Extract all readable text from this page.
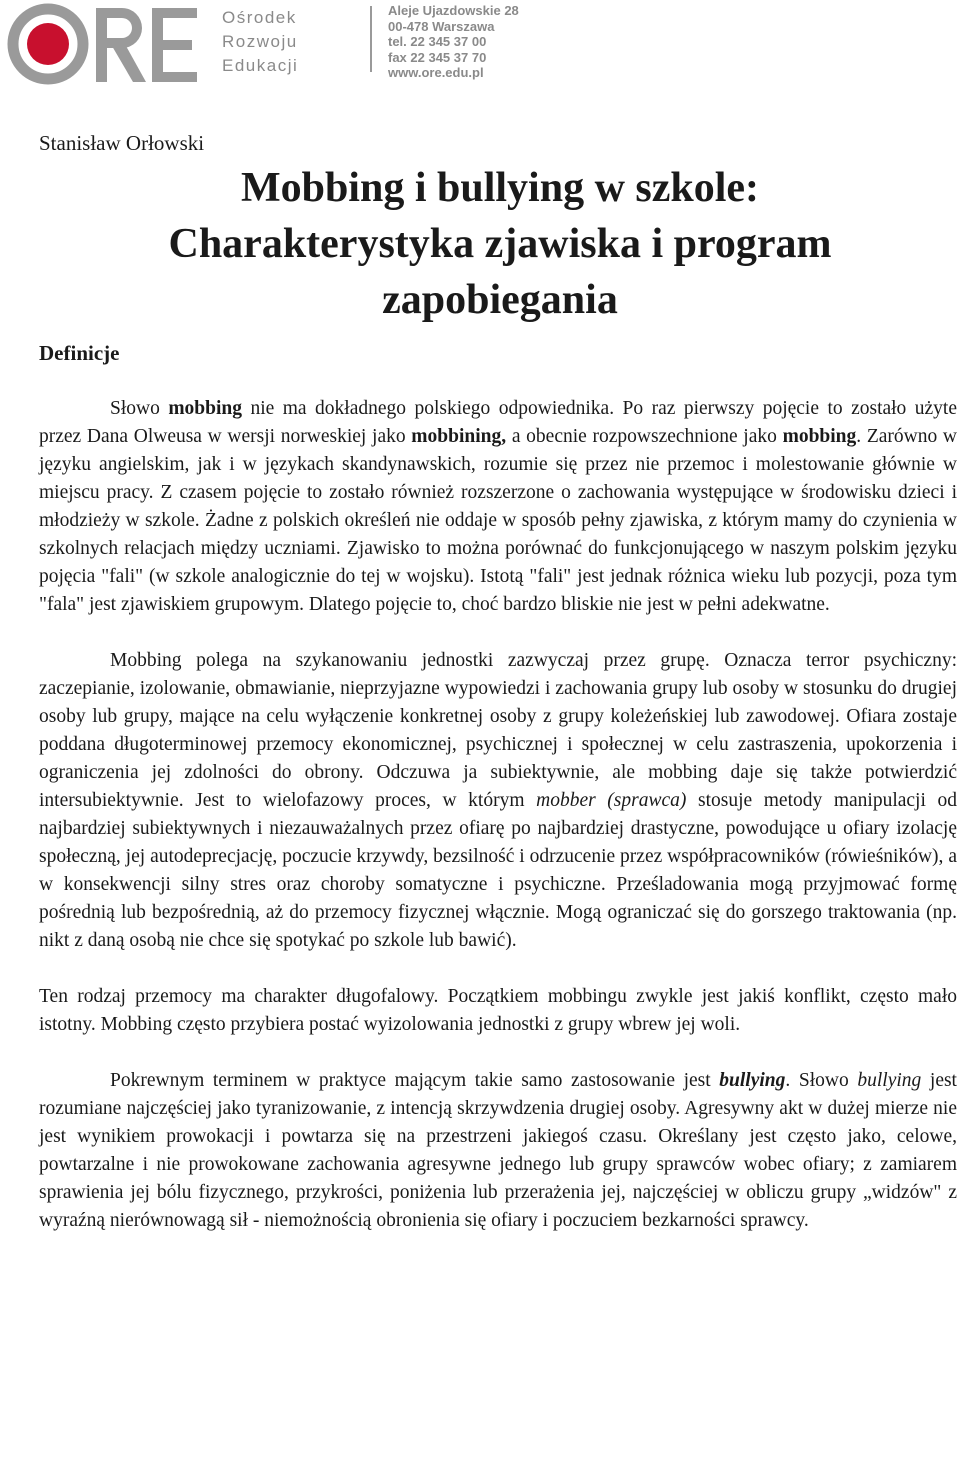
Ośrodek
Rozwoju
Edukacji
Aleje Ujazdowskie 28
00-478 Warszawa
tel. 22 345 37 00
fax 22 345 37 70
www.ore.edu.pl
Stanisław Orłowski
Mobbing i bullying w szkole:
Charakterystyka zjawiska i program
zapobiegania
Definicje

Słowo mobbing nie ma dokładnego polskiego odpowiednika. Po raz pierwszy pojęcie to zostało użyte przez Dana Olweusa w wersji norweskiej jako mobbining, a obecnie rozpowszechnione jako mobbing. Zarówno w języku angielskim, jak i w językach skandynawskich, rozumie się przez nie przemoc i molestowanie głównie w miejscu pracy. Z czasem pojęcie to zostało również rozszerzone o zachowania występujące w środowisku dzieci i młodzieży w szkole. Żadne z polskich określeń nie oddaje w sposób pełny zjawiska, z którym mamy do czynienia w szkolnych relacjach między uczniami. Zjawisko to można porównać do funkcjonującego w naszym polskim języku pojęcia "fali" (w szkole analogicznie do tej w wojsku). Istotą "fali" jest jednak różnica wieku lub pozycji, poza tym "fala" jest zjawiskiem grupowym. Dlatego pojęcie to, choć bardzo bliskie nie jest w pełni adekwatne.

Mobbing polega na szykanowaniu jednostki zazwyczaj przez grupę. Oznacza terror psychiczny: zaczepianie, izolowanie, obmawianie, nieprzyjazne wypowiedzi i zachowania grupy lub osoby w stosunku do drugiej osoby lub grupy, mające na celu wyłączenie konkretnej osoby z grupy koleżeńskiej lub zawodowej. Ofiara zostaje poddana długoterminowej przemocy ekonomicznej, psychicznej i społecznej w celu zastraszenia, upokorzenia i ograniczenia jej zdolności do obrony. Odczuwa ja subiektywnie, ale mobbing daje się także potwierdzić intersubiektywnie. Jest to wielofazowy proces, w którym mobber (sprawca) stosuje metody manipulacji od najbardziej subiektywnych i niezauważalnych przez ofiarę po najbardziej drastyczne, powodujące u ofiary izolację społeczną, jej autodeprecjację, poczucie krzywdy, bezsilność i odrzucenie przez współpracowników (rówieśników), a w konsekwencji silny stres oraz choroby somatyczne i psychiczne. Prześladowania mogą przyjmować formę pośrednią lub bezpośrednią, aż do przemocy fizycznej włącznie. Mogą ograniczać się do gorszego traktowania (np. nikt z daną osobą nie chce się spotykać po szkole lub bawić).

Ten rodzaj przemocy ma charakter długofalowy. Początkiem mobbingu zwykle jest jakiś konflikt, często mało istotny. Mobbing często przybiera postać wyizolowania jednostki z grupy wbrew jej woli.

Pokrewnym terminem w praktyce mającym takie samo zastosowanie jest bullying. Słowo bullying jest rozumiane najczęściej jako tyranizowanie, z intencją skrzywdzenia drugiej osoby. Agresywny akt w dużej mierze nie jest wynikiem prowokacji i powtarza się na przestrzeni jakiegoś czasu. Określany jest często jako, celowe, powtarzalne i nie prowokowane zachowania agresywne jednego lub grupy sprawców wobec ofiary; z zamiarem sprawienia jej bólu fizycznego, przykrości, poniżenia lub przerażenia jej, najczęściej w obliczu grupy „widzów" z wyraźną nierównowagą sił - niemożnością obronienia się ofiary i poczuciem bezkarności sprawcy.
